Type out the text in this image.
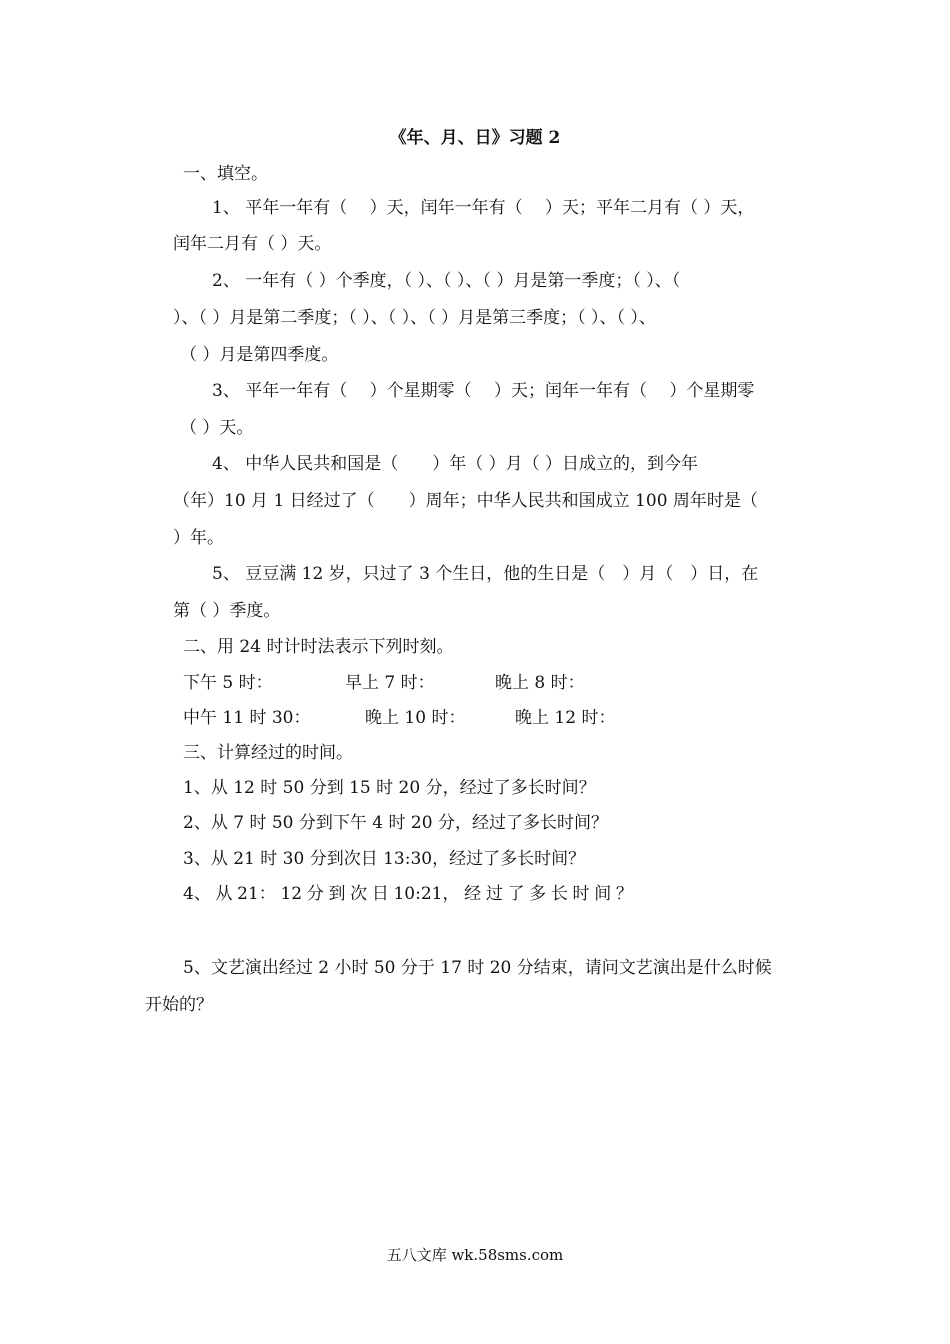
《年、月、日》习题 2
一、填空。
1、 平年一年有（　 ）天，闰年一年有（　 ）天；平年二月有（ ）天，
闰年二月有（ ）天。
2、 一年有（ ）个季度，（ ）、（ ）、（ ）月是第一季度；（ ）、（
）、（ ）月是第二季度；（ ）、（ ）、（ ）月是第三季度；（ ）、（ ）、
（ ）月是第四季度。
3、 平年一年有（　 ）个星期零（　 ）天；闰年一年有（　 ）个星期零
（ ）天。
4、 中华人民共和国是（　　）年（ ）月（ ）日成立的，到今年
（年）10 月 1 日经过了（　　）周年；中华人民共和国成立 100 周年时是（
）年。
5、 豆豆满 12 岁，只过了 3 个生日，他的生日是（　）月（　）日，在
第（ ）季度。
二、用 24 时计时法表示下列时刻。
下午 5 时：	早上 7 时：	晚上 8 时：
中午 11 时 30：	晚上 10 时：	晚上 12 时：
三、计算经过的时间。
1、从 12 时 50 分到 15 时 20 分，经过了多长时间？
2、从 7 时 50 分到下午 4 时 20 分，经过了多长时间？
3、从 21 时 30 分到次日 13:30，经过了多长时间？
4、 从 21： 12 分 到 次 日 10:21， 经 过 了 多 长 时 间 ？
5、文艺演出经过 2 小时 50 分于 17 时 20 分结束，请问文艺演出是什么时候
开始的？
五八文库 wk.58sms.com
